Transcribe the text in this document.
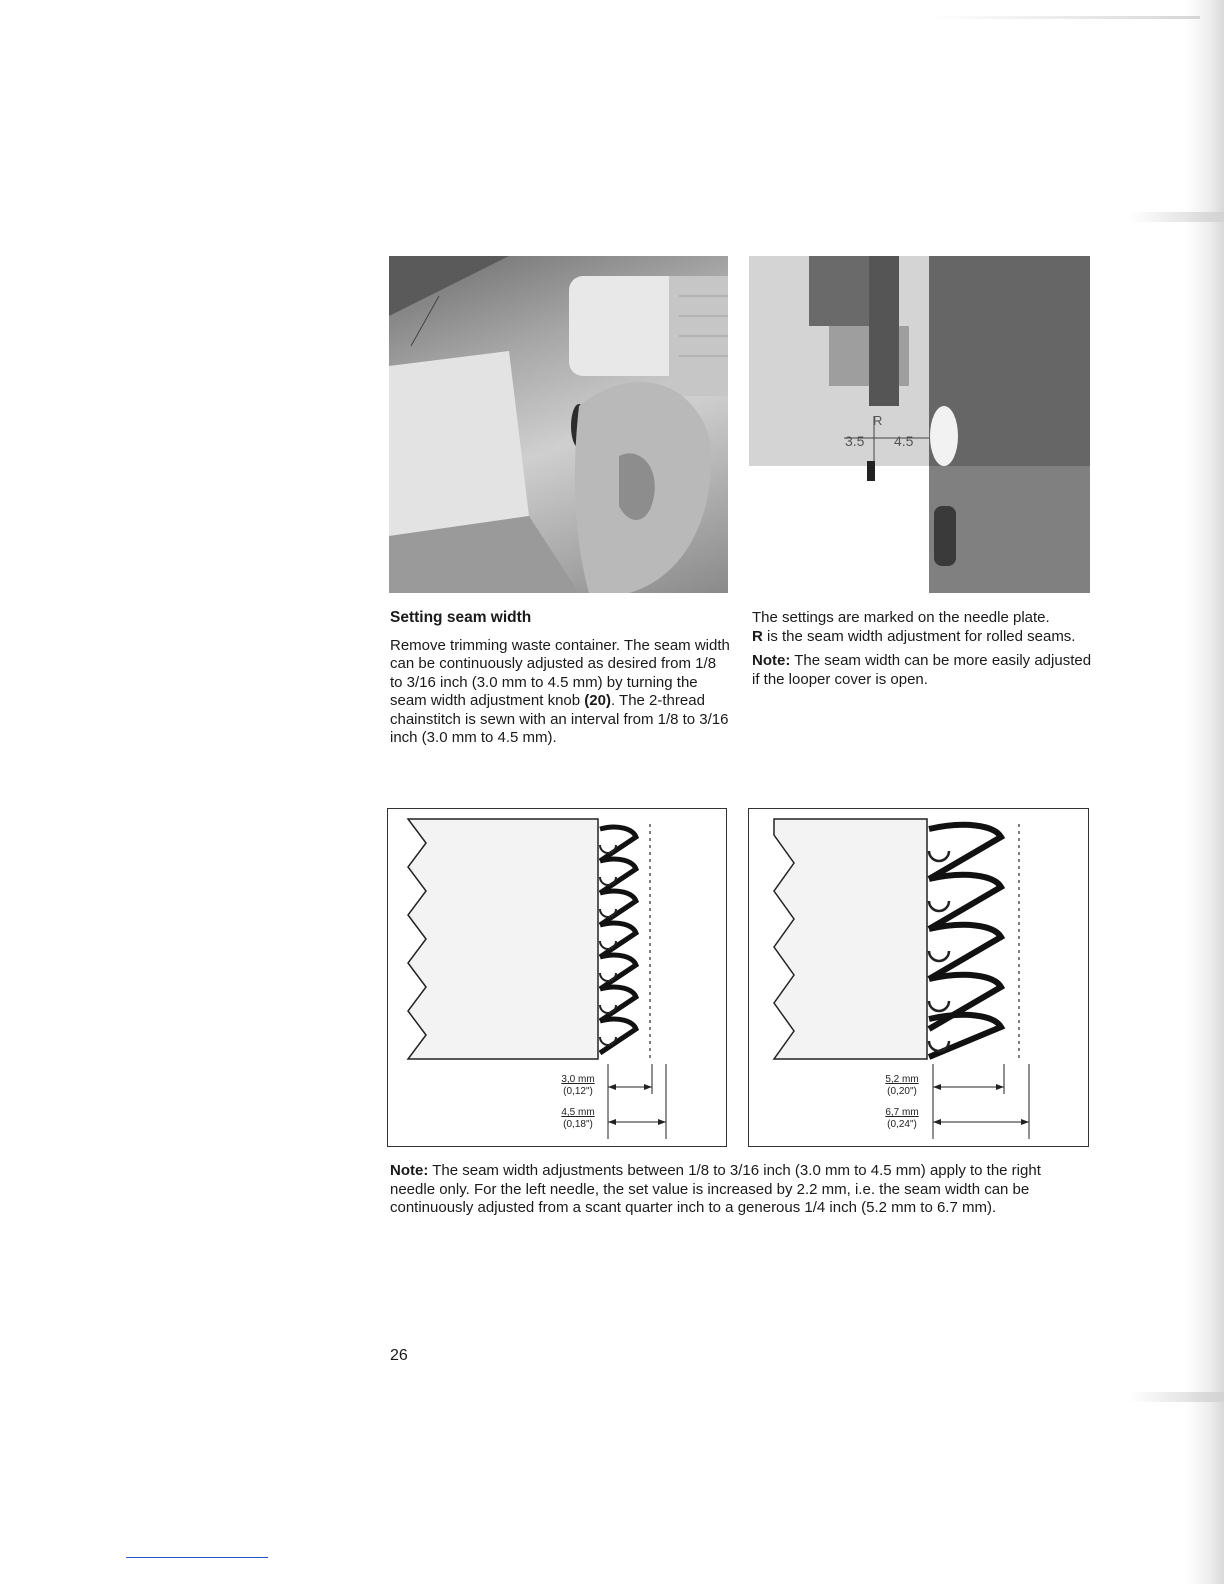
R
3.5 4.5
Setting seam width

Remove trimming waste container. The seam width can be continuously adjusted as desired from 1/8 to 3/16 inch (3.0 mm to 4.5 mm) by turning the seam width adjustment knob (20). The 2-thread chainstitch is sewn with an interval from 1/8 to 3/16 inch (3.0 mm to 4.5 mm).

The settings are marked on the needle plate.

R is the seam width adjustment for rolled seams.

Note: The seam width can be more easily adjusted if the looper cover is open.

3,0 mm
(0,12")
4,5 mm
(0,18")
5,2 mm
(0,20")
6,7 mm
(0,24")

Note: The seam width adjustments between 1/8 to 3/16 inch (3.0 mm to 4.5 mm) apply to the right needle only. For the left needle, the set value is increased by 2.2 mm, i.e. the seam width can be continuously adjusted from a scant quarter inch to a generous 1/4 inch (5.2 mm to 6.7 mm).

26
